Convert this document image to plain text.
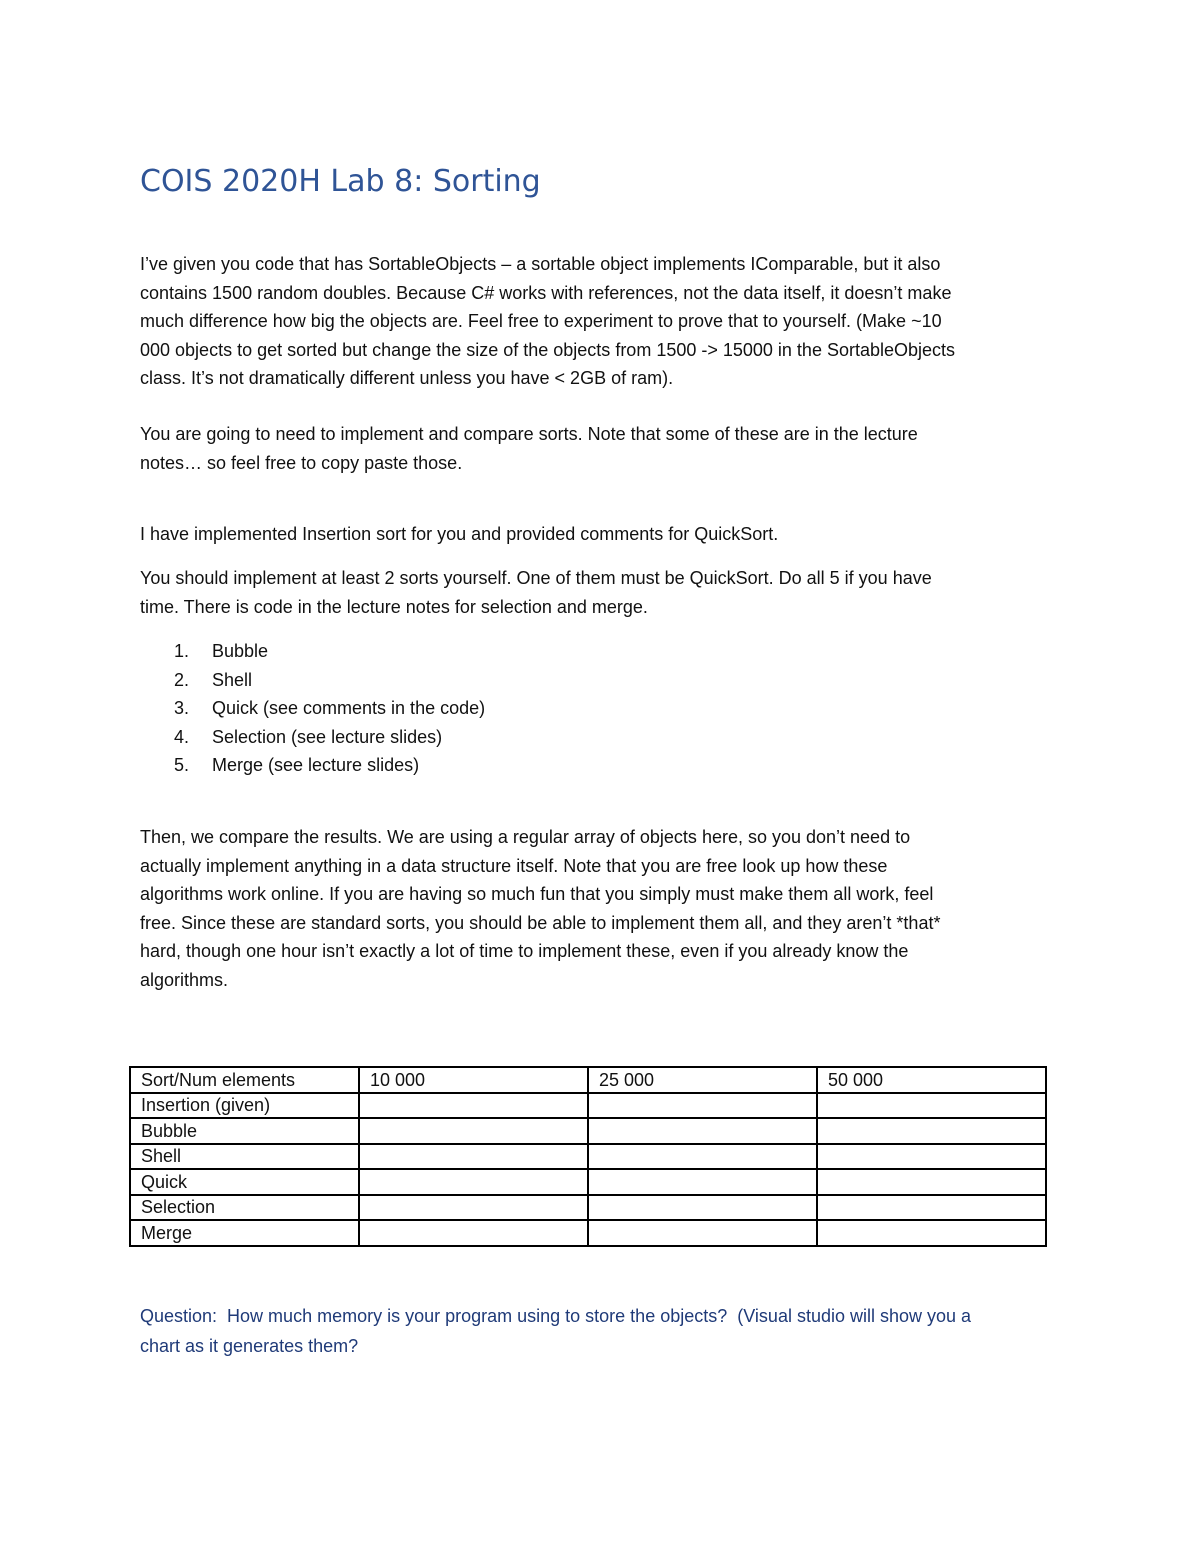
COIS 2020H Lab 8: Sorting

I’ve given you code that has SortableObjects – a sortable object implements IComparable, but it also
contains 1500 random doubles. Because C# works with references, not the data itself, it doesn’t make
much difference how big the objects are. Feel free to experiment to prove that to yourself. (Make ~10
000 objects to get sorted but change the size of the objects from 1500 -> 15000 in the SortableObjects
class. It’s not dramatically different unless you have < 2GB of ram).

You are going to need to implement and compare sorts. Note that some of these are in the lecture
notes… so feel free to copy paste those.

I have implemented Insertion sort for you and provided comments for QuickSort.

You should implement at least 2 sorts yourself. One of them must be QuickSort. Do all 5 if you have
time. There is code in the lecture notes for selection and merge.

1. Bubble
2. Shell
3. Quick (see comments in the code)
4. Selection (see lecture slides)
5. Merge (see lecture slides)

Then, we compare the results. We are using a regular array of objects here, so you don’t need to
actually implement anything in a data structure itself. Note that you are free look up how these
algorithms work online. If you are having so much fun that you simply must make them all work, feel
free. Since these are standard sorts, you should be able to implement them all, and they aren’t *that*
hard, though one hour isn’t exactly a lot of time to implement these, even if you already know the
algorithms.

Sort/Num elements	10 000	25 000	50 000
Insertion (given)			
Bubble			
Shell			
Quick			
Selection			
Merge			

Question:  How much memory is your program using to store the objects?  (Visual studio will show you a
chart as it generates them?
